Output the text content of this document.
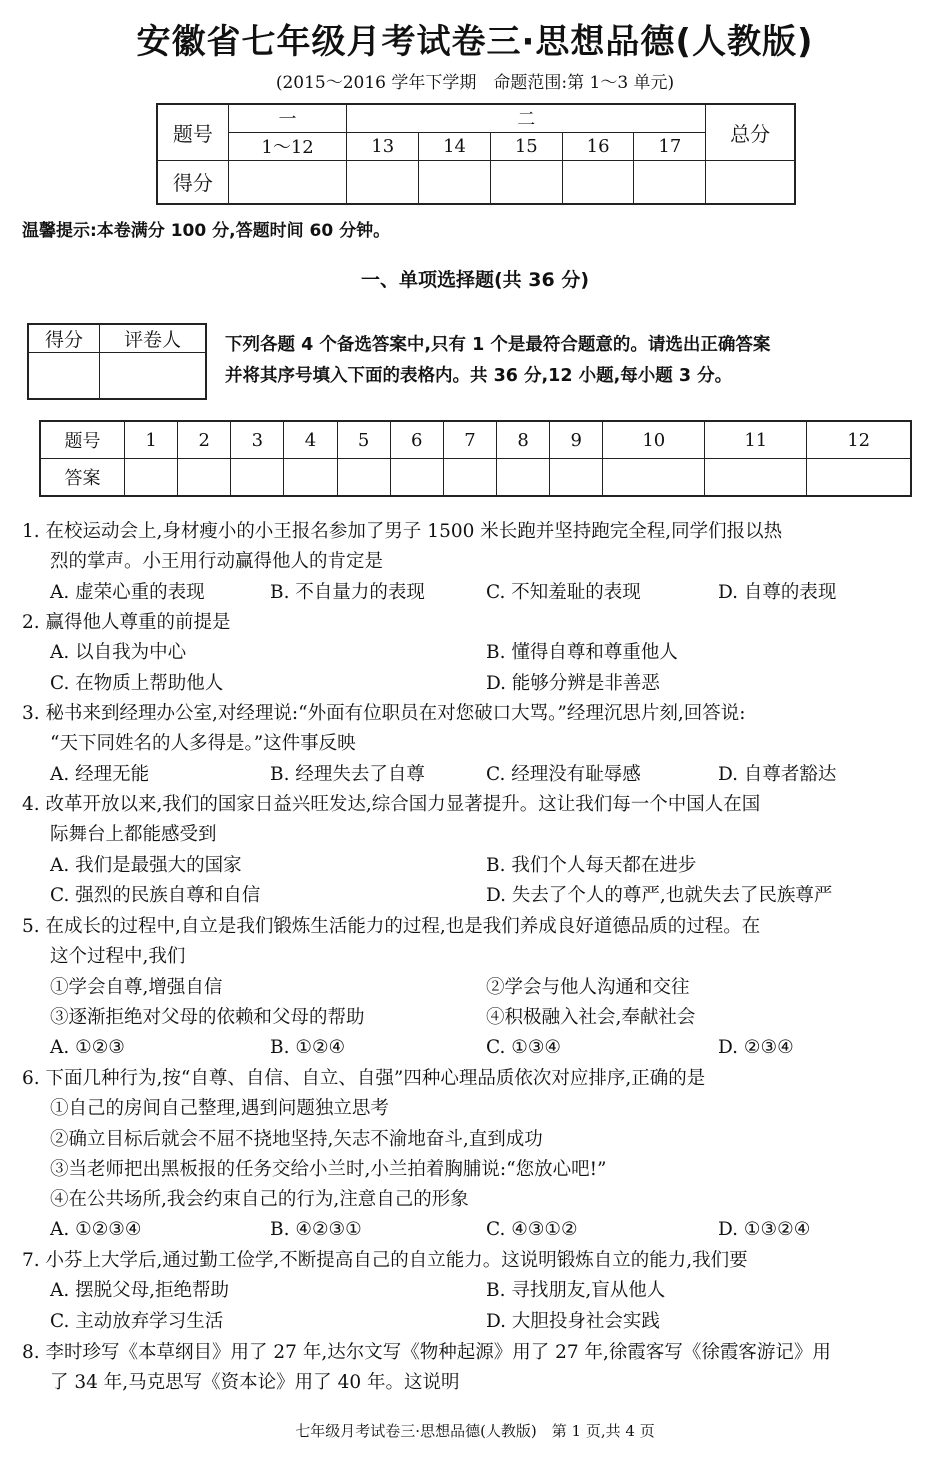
安徽省七年级月考试卷三·思想品德(人教版)
(2015～2016 学年下学期　命题范围:第 1～3 单元)
题号	一	二					总分
	1～12	13	14	15	16	17	
得分							
温馨提示:本卷满分 100 分,答题时间 60 分钟。
一、单项选择题(共 36 分)
得分	评卷人
		下列各题 4 个备选答案中,只有 1 个是最符合题意的。请选出正确答案
并将其序号填入下面的表格内。共 36 分,12 小题,每小题 3 分。
题号	1	2	3	4	5	6	7	8	9	10	11	12
答案												
1. 在校运动会上,身材瘦小的小王报名参加了男子 1500 米长跑并坚持跑完全程,同学们报以热
烈的掌声。小王用行动赢得他人的肯定是
A. 虚荣心重的表现	B. 不自量力的表现	C. 不知羞耻的表现	D. 自尊的表现
2. 赢得他人尊重的前提是
A. 以自我为中心	B. 懂得自尊和尊重他人
C. 在物质上帮助他人	D. 能够分辨是非善恶
3. 秘书来到经理办公室,对经理说:“外面有位职员在对您破口大骂。”经理沉思片刻,回答说:
“天下同姓名的人多得是。”这件事反映
A. 经理无能	B. 经理失去了自尊	C. 经理没有耻辱感	D. 自尊者豁达
4. 改革开放以来,我们的国家日益兴旺发达,综合国力显著提升。这让我们每一个中国人在国
际舞台上都能感受到
A. 我们是最强大的国家	B. 我们个人每天都在进步
C. 强烈的民族自尊和自信	D. 失去了个人的尊严,也就失去了民族尊严
5. 在成长的过程中,自立是我们锻炼生活能力的过程,也是我们养成良好道德品质的过程。在
这个过程中,我们
①学会自尊,增强自信	②学会与他人沟通和交往
③逐渐拒绝对父母的依赖和父母的帮助	④积极融入社会,奉献社会
A. ①②③	B. ①②④	C. ①③④	D. ②③④
6. 下面几种行为,按“自尊、自信、自立、自强”四种心理品质依次对应排序,正确的是
①自己的房间自己整理,遇到问题独立思考
②确立目标后就会不屈不挠地坚持,矢志不渝地奋斗,直到成功
③当老师把出黑板报的任务交给小兰时,小兰拍着胸脯说:“您放心吧!”
④在公共场所,我会约束自己的行为,注意自己的形象
A. ①②③④	B. ④②③①	C. ④③①②	D. ①③②④
7. 小芬上大学后,通过勤工俭学,不断提高自己的自立能力。这说明锻炼自立的能力,我们要
A. 摆脱父母,拒绝帮助	B. 寻找朋友,盲从他人
C. 主动放弃学习生活	D. 大胆投身社会实践
8. 李时珍写《本草纲目》用了 27 年,达尔文写《物种起源》用了 27 年,徐霞客写《徐霞客游记》用
了 34 年,马克思写《资本论》用了 40 年。这说明
七年级月考试卷三·思想品德(人教版)　第 1 页,共 4 页
